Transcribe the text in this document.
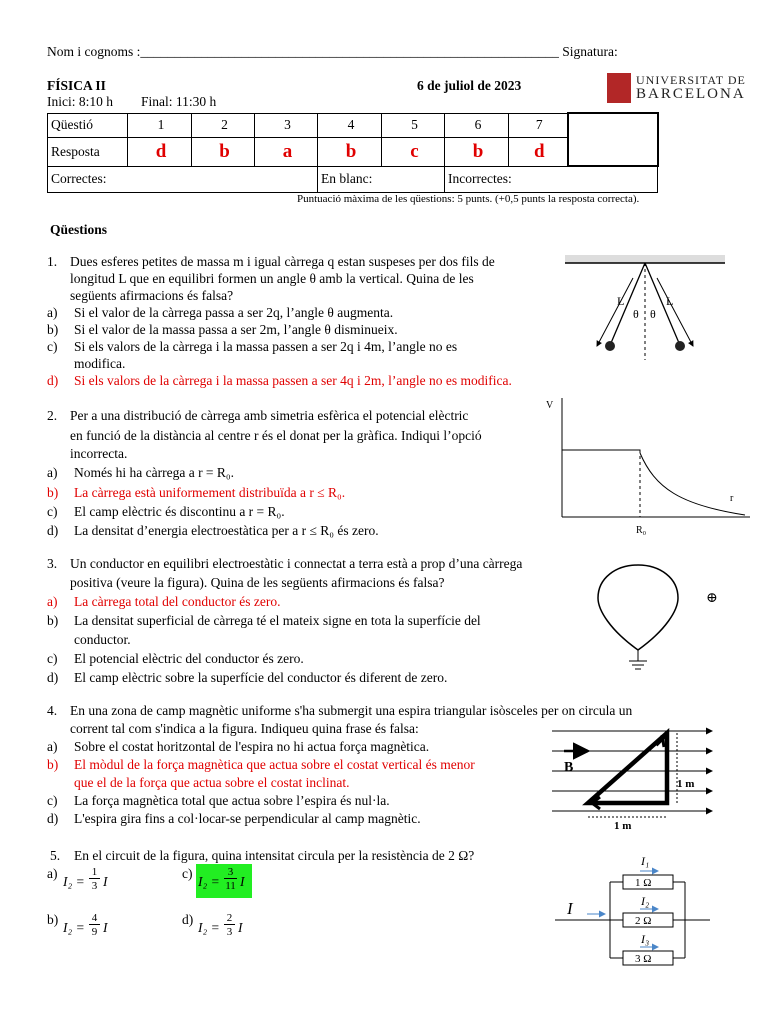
Nom i cognoms :______________________________________________________________ Signatura:
FÍSICA II	6 de juliol de 2023
Inici: 8:10 h Final: 11:30 h
UNIVERSITAT DE
BARCELONA
Qüestió	1	2	3	4	5	6	7	
Resposta	d	b	a	b	c	b	d	
Correctes:				En blanc:		Incorrectes:		
Puntuació màxima de les qüestions: 5 punts. (+0,5 punts la resposta correcta).
Qüestions
1. Dues esferes petites de massa m i igual càrrega q estan suspeses per dos fils de
longitud L que en equilibri formen un angle θ amb la vertical. Quina de les
següents afirmacions és falsa?
a) Si el valor de la càrrega passa a ser 2q, l’angle θ augmenta.
b) Si el valor de la massa passa a ser 2m, l’angle θ disminueix.
c) Si els valors de la càrrega i la massa passen a ser 2q i 4m, l’angle no es
modifica.
d) Si els valors de la càrrega i la massa passen a ser 4q i 2m, l’angle no es modifica.
L	L
θ θ
2. Per a una distribució de càrrega amb simetria esfèrica el potencial elèctric
en funció de la distància al centre r és el donat per la gràfica. Indiqui l’opció
incorrecta.
a) Només hi ha càrrega a r = R₀.
b) La càrrega està uniformement distribuïda a r ≤ R₀.
c) El camp elèctric és discontinu a r = R₀.
d) La densitat d’energia electroestàtica per a r ≤ R₀ és zero.
V
r
R₀
3. Un conductor en equilibri electroestàtic i connectat a terra està a prop d’una càrrega
positiva (veure la figura). Quina de les següents afirmacions és falsa?
a) La càrrega total del conductor és zero.
b) La densitat superficial de càrrega té el mateix signe en tota la superfície del
conductor.
c) El potencial elèctric del conductor és zero.
d) El camp elèctric sobre la superfície del conductor és diferent de zero.
⊕
4. En una zona de camp magnètic uniforme s'ha submergit una espira triangular isòsceles per on circula un
corrent tal com s'indica a la figura. Indiqueu quina frase és falsa:
a) Sobre el costat horitzontal de l'espira no hi actua força magnètica.
b) El mòdul de la força magnètica que actua sobre el costat vertical és menor
que el de la força que actua sobre el costat inclinat.
c) La força magnètica total que actua sobre l’espira és nul·la.
d) L'espira gira fins a col·locar-se perpendicular al camp magnètic.
B
1 m
1 m
5. En el circuit de la figura, quina intensitat circula per la resistència de 2 Ω?
a)
I₂ =
1
3 I
c)
I₂ =
3
11 I
b)
I₂ =
4
9 I
d)
I₂ =
2
3 I
1 Ω
2 Ω
3 Ω
I
I₁
I₂
I₃
